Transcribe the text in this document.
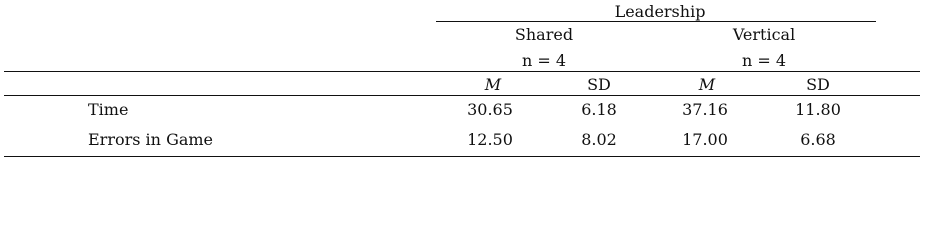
Leadership
Shared
n = 4
Vertical
n = 4
M	SD	M	SD
Time	30.65	6.18	37.16	11.80
Errors in Game	12.50	8.02	17.00	6.68
